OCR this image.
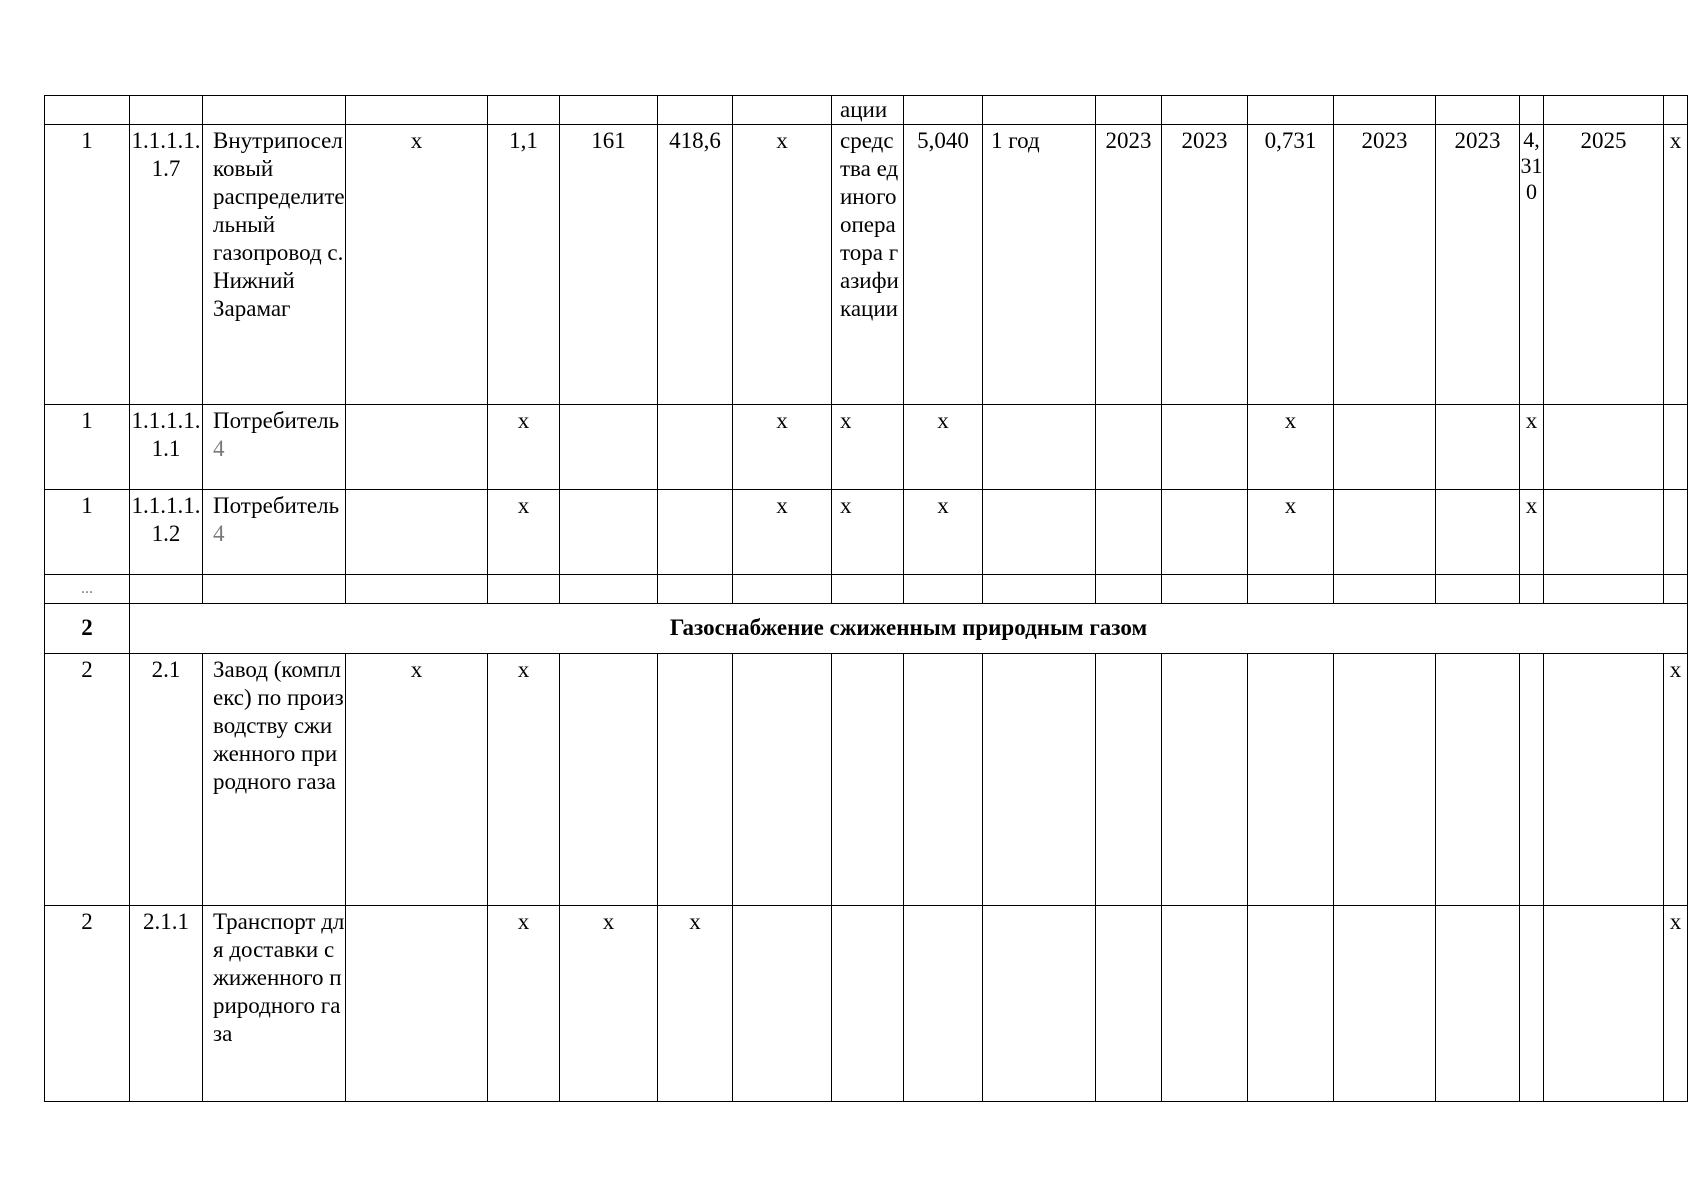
								ации										
1	1.1.1.1.1.7	Внутрипоселковый распределительный газопровод с. Нижний Зарамаг	х	1,1	161	418,6	х	средства единого оператора газификации	5,040	1 год	2023	2023	0,731	2023	2023	4,310	2025	х
1	1.1.1.1.1.1	Потребитель 4		х			х	х	х				х			х		
1	1.1.1.1.1.2	Потребитель 4		х			х	х	х				х			х		
...																		
2	Газоснабжение сжиженным природным газом																	
2	2.1	Завод (комплекс) по производству сжиженного природного газа	х	х														х
2	2.1.1	Транспорт для доставки сжиженного природного газа		х	х	х												х
